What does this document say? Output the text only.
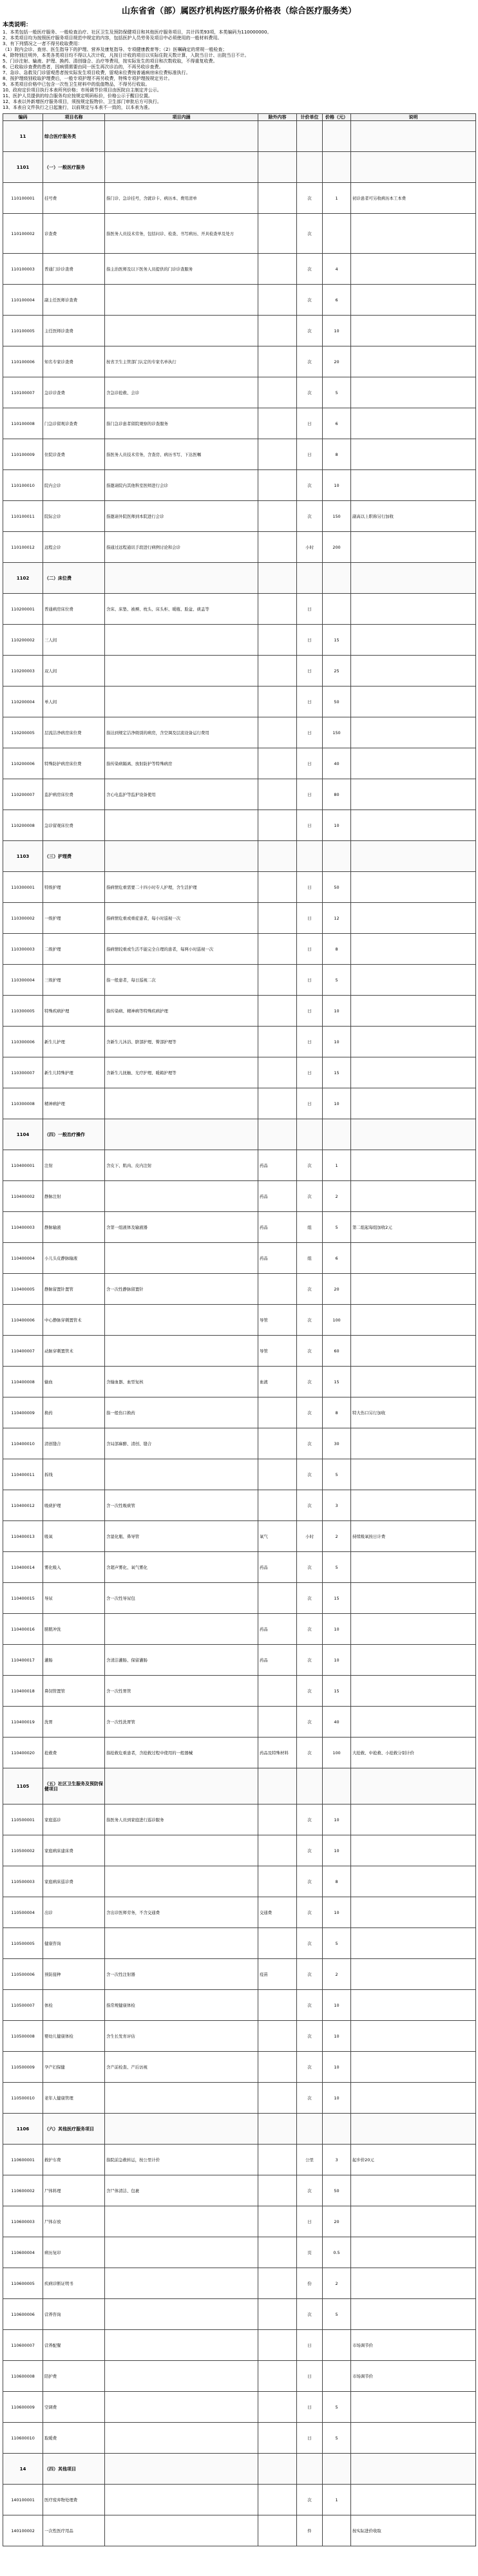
山东省省（部）属医疗机构医疗服务价格表（综合医疗服务类）
本类说明：
1、本类包括一般医疗服务、一般检查治疗、社区卫生及预防保健项目和其他医疗服务项目，共计四类93项，本类编码为110000000。
2、本类项目均为按照医疗服务项目规范中规定的内容，包括医护人员劳务及项目中必须使用的一般材料费用。
3、有下列情况之一者不得另收取费用：
（1）院内会诊、查房、医生指导下的护理、营养及康复指导、专项健康教育等；（2）医嘱确定的常规一般检查；
4、除特别注明外，本类各类项目均不得以人次计收，凡按日计收的项目以实际住院天数计算，入院当日计、出院当日不计。
5、门诊注射、输液、护理、换药、清创缝合、治疗等费用，按实际发生的项目和次数收取，不得重复收费。
6、已收取诊查费的患者，因病情需要由同一医生再次诊治的，不再另收诊查费。
7、急诊、急救及门诊留观患者按实际发生项目收费，留观床位费按普通病房床位费标准执行。
8、按护理级别收取护理费后，一般专项护理不再另收费，特殊专项护理按规定另计。
9、本类项目价格中已包含一次性卫生材料中的低值物品，不得另行收取。
10、政府定价项目执行本表所列价格；市场调节价项目由医院自主制定并公示。
11、医护人员提供的综合服务均应按规定明码标价，价格公示于醒目位置。
12、本表以外新增医疗服务项目，须按规定报物价、卫生部门审批后方可执行。
13、本表自文件执行之日起施行，以前规定与本表不一致的，以本表为准。
编码	项目名称	项目内涵	除外内容	计价单位	价格（元）	说明
11	综合医疗服务类					
1101	（一）一般医疗服务					
110100001	挂号费	指门诊、急诊挂号，含就诊卡、病历本、费用清单		次	1	初诊患者可另收病历本工本费
110100002	诊查费	指医务人员技术劳务，包括问诊、检查、书写病历、开具检查单及处方		次		
110100003	普通门诊诊查费	指主治医师及以下医务人员提供的门诊诊查服务		次	4	
110100004	副主任医师诊查费			次	6	
110100005	主任医师诊查费			次	10	
110100006	知名专家诊查费	按省卫生主管部门认定的专家名单执行		次	20	
110100007	急诊诊查费	含急诊抢救、会诊		次	5	
110100008	门急诊留观诊查费	指门急诊患者留院观察的诊查服务		日	6	
110100009	住院诊查费	指医务人员技术劳务，含查房、病历书写、下达医嘱		日	8	
110100010	院内会诊	指邀请院内其他科室医师进行会诊		次	10	
110100011	院际会诊	指邀请外院医师到本院进行会诊		次	150	副高以上职称另行加收
110100012	远程会诊	指通过远程通讯手段进行病例讨论和会诊		小时	200	
1102	（二）床位费					
110200001	普通病房床位费	含床、床垫、被褥、枕头、床头柜、暖瓶、脸盆、痰盂等		日		
110200002	三人间			日	15	
110200003	双人间			日	25	
110200004	单人间			日	50	
110200005	层流洁净病房床位费	指达到规定洁净级别的病房，含空调及层流设备运行费用		日	150	
110200006	特殊防护病房床位费	指传染病隔离、放射防护等特殊病房		日	40	
110200007	监护病房床位费	含心电监护等监护设备使用		日	80	
110200008	急诊留观床位费			日	10	
1103	（三）护理费					
110300001	特级护理	指病情危重需要二十四小时专人护理，含生活护理		日	50	
110300002	一级护理	指病情危重或重症患者，每小时巡视一次		日	12	
110300003	二级护理	指病情较重或生活不能完全自理的患者，每两小时巡视一次		日	8	
110300004	三级护理	指一般患者，每日巡视二次		日	5	
110300005	特殊疾病护理	指传染病、精神病等特殊疾病护理		日	10	
110300006	新生儿护理	含新生儿沐浴、脐部护理、臀部护理等		日	10	
110300007	新生儿特殊护理	含新生儿抚触、光疗护理、暖箱护理等		日	15	
110300008	精神病护理			日	10	
1104	（四）一般治疗操作					
110400001	注射	含皮下、肌肉、皮内注射	药品	次	1	
110400002	静脉注射		药品	次	2	
110400003	静脉输液	含第一组液体及输液器	药品	组	5	第二组起每组加收2元
110400004	小儿头皮静脉输液		药品	组	6	
110400005	静脉留置针置管	含一次性静脉留置针		次	20	
110400006	中心静脉穿刺置管术		导管	次	100	
110400007	动脉穿刺置管术		导管	次	60	
110400008	输血	含输血器、血型复核	血液	次	15	
110400009	换药	指一般伤口换药		次	8	特大伤口另行加收
110400010	清创缝合	含局部麻醉、清创、缝合		次	30	
110400011	拆线			次	5	
110400012	吸痰护理	含一次性吸痰管		次	3	
110400013	吸氧	含湿化瓶、鼻导管	氧气	小时	2	持续吸氧按日计费
110400014	雾化吸入	含超声雾化、氧气雾化	药品	次	5	
110400015	导尿	含一次性导尿包		次	15	
110400016	膀胱冲洗		药品	次	10	
110400017	灌肠	含清洁灌肠、保留灌肠	药品	次	10	
110400018	鼻饲管置管	含一次性胃管		次	15	
110400019	洗胃	含一次性洗胃管		次	40	
110400020	抢救费	指抢救危重患者，含抢救过程中使用的一般器械	药品及特殊材料	次	100	大抢救、中抢救、小抢救分别计价
1105	（五）社区卫生服务及预防保健项目					
110500001	家庭巡诊	指医务人员到家庭进行巡诊服务		次	10	
110500002	家庭病床建床费			次	10	
110500003	家庭病床巡诊费			次	8	
110500004	出诊	含出诊医师劳务，不含交通费	交通费	次	10	
110500005	健康咨询			次	5	
110500006	预防接种	含一次性注射器	疫苗	次	2	
110500007	体检	指常规健康体检		次	10	
110500008	婴幼儿健康体检	含生长发育评估		次	10	
110500009	孕产妇保健	含产前检查、产后访视		次	10	
110500010	老年人健康管理			次	10	
1106	（六）其他医疗服务项目					
110600001	救护车费	指院前急救转运，按公里计价		公里	3	起步价20元
110600002	尸体料理	含尸体清洁、包裹		次	50	
110600003	尸体存放			日	20	
110600004	病历复印			页	0.5	
110600005	疾病诊断证明书			份	2	
110600006	营养咨询			次	5	
110600007	营养配餐			日		市场调节价
110600008	陪护费			日		市场调节价
110600009	空调费			日	5	
110600010	取暖费			日	5	
14	（四）其他项目					
140100001	医疗废弃物处理费			次	1	
140100002	一次性医疗用品			件		按实际进价收取
